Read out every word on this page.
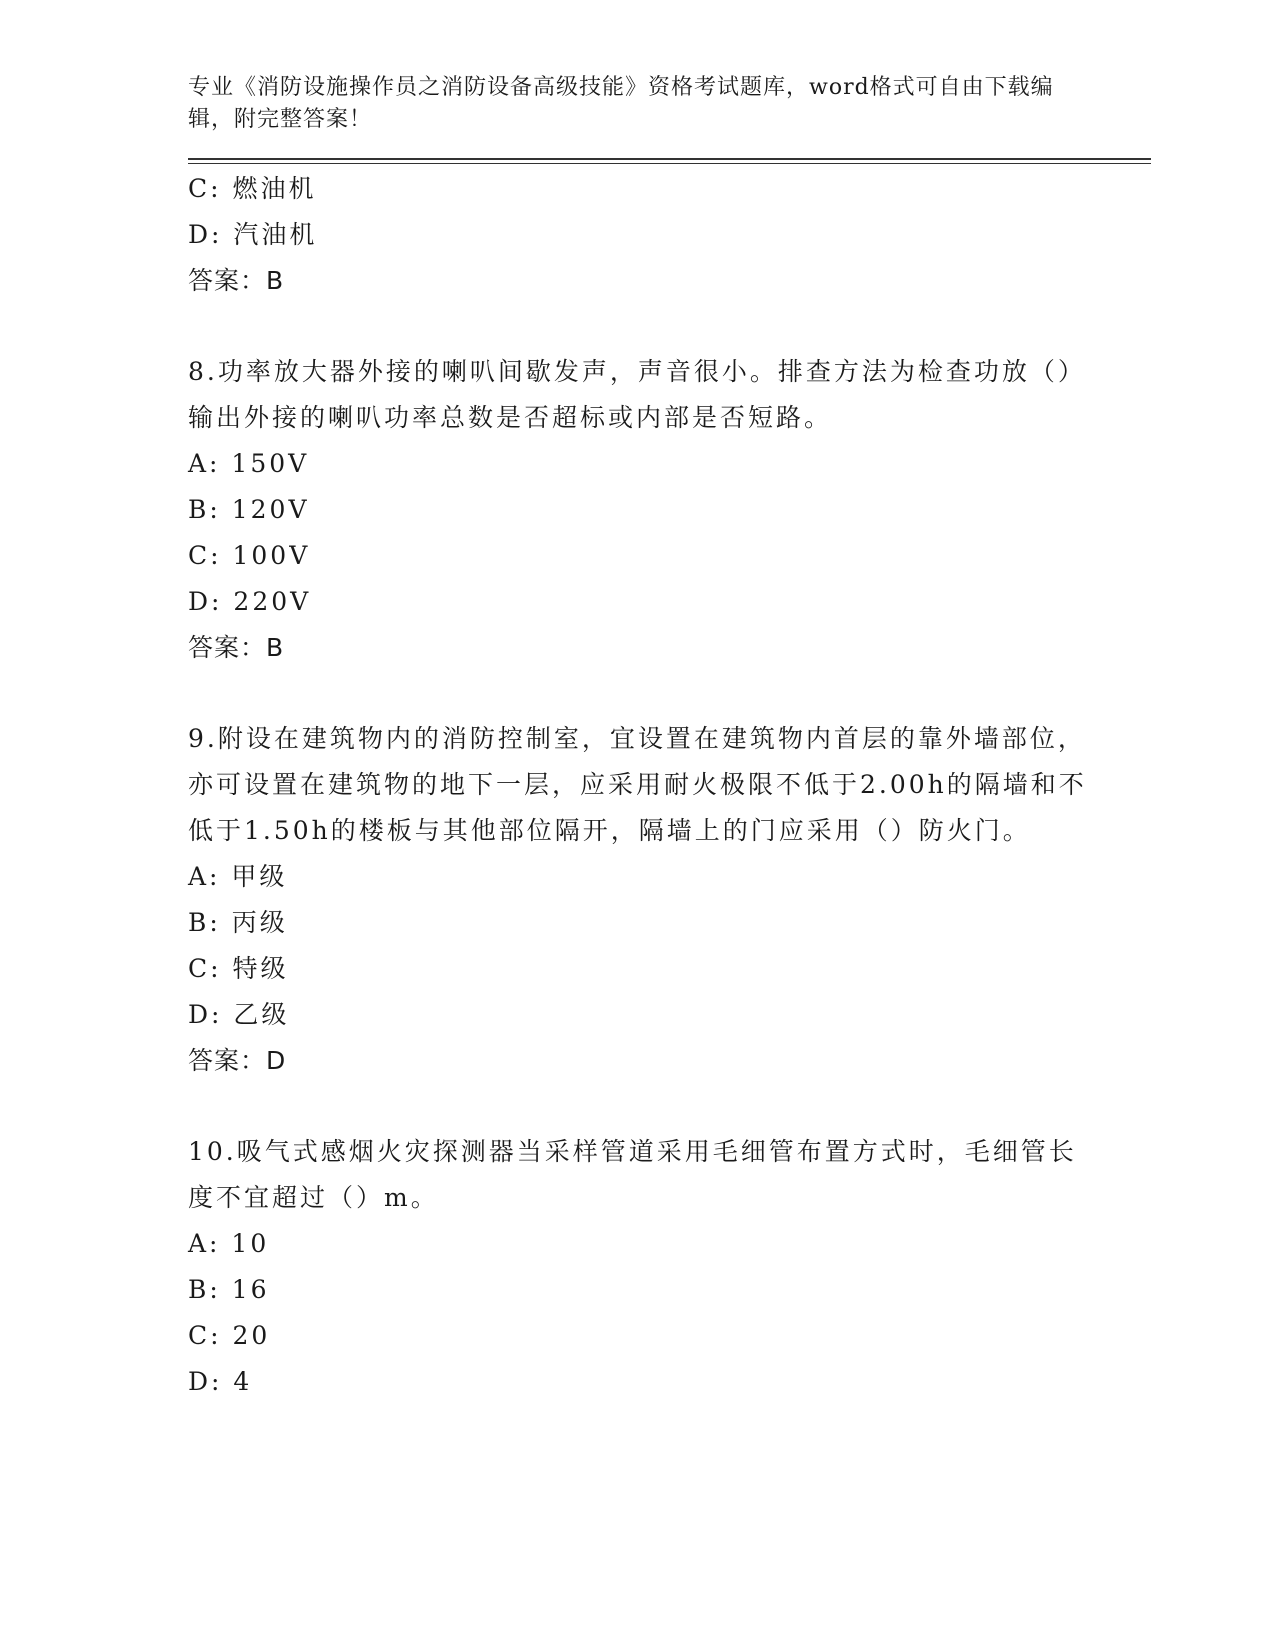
专业《消防设施操作员之消防设备高级技能》资格考试题库，word格式可自由下载编辑，附完整答案！
C: 燃油机
D: 汽油机
答案：B
8.功率放大器外接的喇叭间歇发声，声音很小。排查方法为检查功放（）输出外接的喇叭功率总数是否超标或内部是否短路。
A: 150V
B: 120V
C: 100V
D: 220V
答案：B
9.附设在建筑物内的消防控制室，宜设置在建筑物内首层的靠外墙部位，亦可设置在建筑物的地下一层，应采用耐火极限不低于2.00h的隔墙和不低于1.50h的楼板与其他部位隔开，隔墙上的门应采用（）防火门。
A: 甲级
B: 丙级
C: 特级
D: 乙级
答案：D
10.吸气式感烟火灾探测器当采样管道采用毛细管布置方式时，毛细管长度不宜超过（）m。
A: 10
B: 16
C: 20
D: 4
